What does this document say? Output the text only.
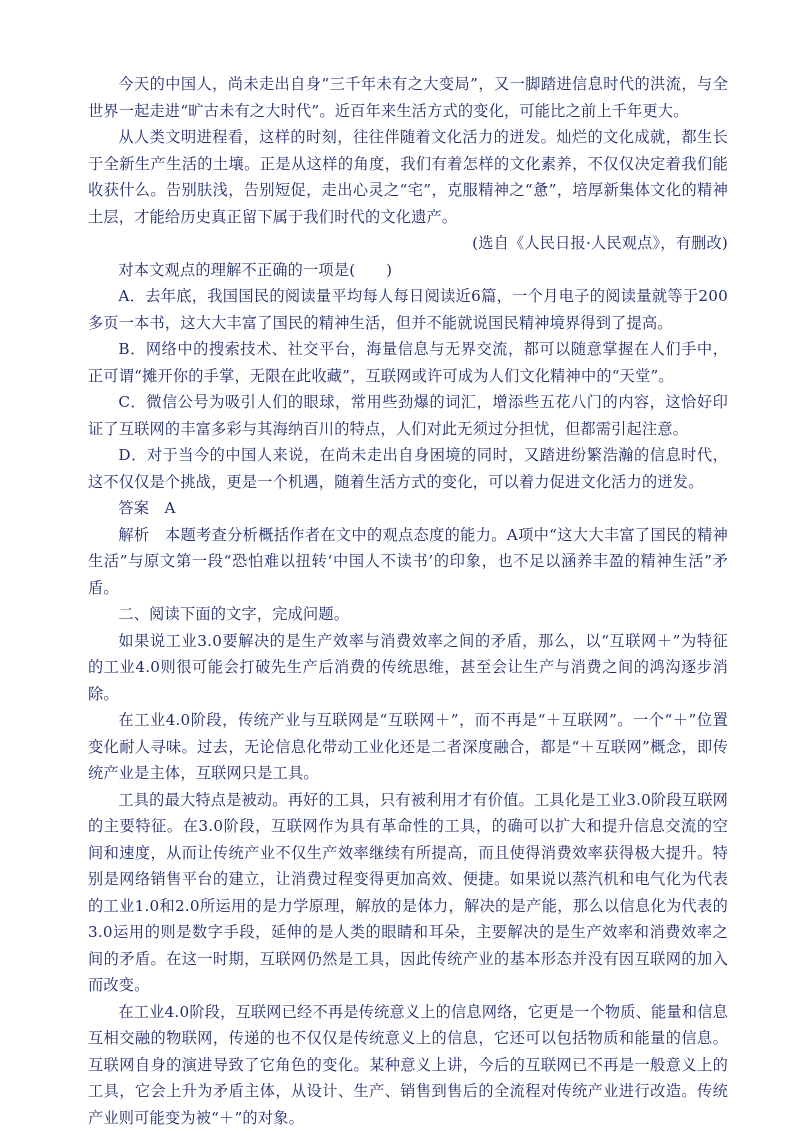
今天的中国人，尚未走出自身“三千年未有之大变局”，又一脚踏进信息时代的洪流，与全世界一起走进“旷古未有之大时代”。近百年来生活方式的变化，可能比之前上千年更大。

从人类文明进程看，这样的时刻，往往伴随着文化活力的迸发。灿烂的文化成就，都生长于全新生产生活的土壤。正是从这样的角度，我们有着怎样的文化素养，不仅仅决定着我们能收获什么。告别肤浅，告别短促，走出心灵之“宅”，克服精神之“惫”，培厚新集体文化的精神土层，才能给历史真正留下属于我们时代的文化遗产。

(选自《人民日报·人民观点》，有删改)

对本文观点的理解不正确的一项是(　　)

A．去年底，我国国民的阅读量平均每人每日阅读近6篇，一个月电子的阅读量就等于200多页一本书，这大大丰富了国民的精神生活，但并不能就说国民精神境界得到了提高。

B．网络中的搜索技术、社交平台，海量信息与无界交流，都可以随意掌握在人们手中，正可谓“摊开你的手掌，无限在此收藏”，互联网或许可成为人们文化精神中的“天堂”。

C．微信公号为吸引人们的眼球，常用些劲爆的词汇，增添些五花八门的内容，这恰好印证了互联网的丰富多彩与其海纳百川的特点，人们对此无须过分担忧，但都需引起注意。

D．对于当今的中国人来说，在尚未走出自身困境的同时，又踏进纷繁浩瀚的信息时代，这不仅仅是个挑战，更是一个机遇，随着生活方式的变化，可以着力促进文化活力的迸发。

答案　A

解析　本题考查分析概括作者在文中的观点态度的能力。A项中“这大大丰富了国民的精神生活”与原文第一段“恐怕难以扭转‘中国人不读书’的印象，也不足以涵养丰盈的精神生活”矛盾。

二、阅读下面的文字，完成问题。

如果说工业3.0要解决的是生产效率与消费效率之间的矛盾，那么，以“互联网＋”为特征的工业4.0则很可能会打破先生产后消费的传统思维，甚至会让生产与消费之间的鸿沟逐步消除。

在工业4.0阶段，传统产业与互联网是“互联网＋”，而不再是“＋互联网”。一个“＋”位置变化耐人寻味。过去，无论信息化带动工业化还是二者深度融合，都是“＋互联网”概念，即传统产业是主体，互联网只是工具。

工具的最大特点是被动。再好的工具，只有被利用才有价值。工具化是工业3.0阶段互联网的主要特征。在3.0阶段，互联网作为具有革命性的工具，的确可以扩大和提升信息交流的空间和速度，从而让传统产业不仅生产效率继续有所提高，而且使得消费效率获得极大提升。特别是网络销售平台的建立，让消费过程变得更加高效、便捷。如果说以蒸汽机和电气化为代表的工业1.0和2.0所运用的是力学原理，解放的是体力，解决的是产能，那么以信息化为代表的3.0运用的则是数字手段，延伸的是人类的眼睛和耳朵，主要解决的是生产效率和消费效率之间的矛盾。在这一时期，互联网仍然是工具，因此传统产业的基本形态并没有因互联网的加入而改变。

在工业4.0阶段，互联网已经不再是传统意义上的信息网络，它更是一个物质、能量和信息互相交融的物联网，传递的也不仅仅是传统意义上的信息，它还可以包括物质和能量的信息。互联网自身的演进导致了它角色的变化。某种意义上讲，今后的互联网已不再是一般意义上的工具，它会上升为矛盾主体，从设计、生产、销售到售后的全流程对传统产业进行改造。传统产业则可能变为被“＋”的对象。
